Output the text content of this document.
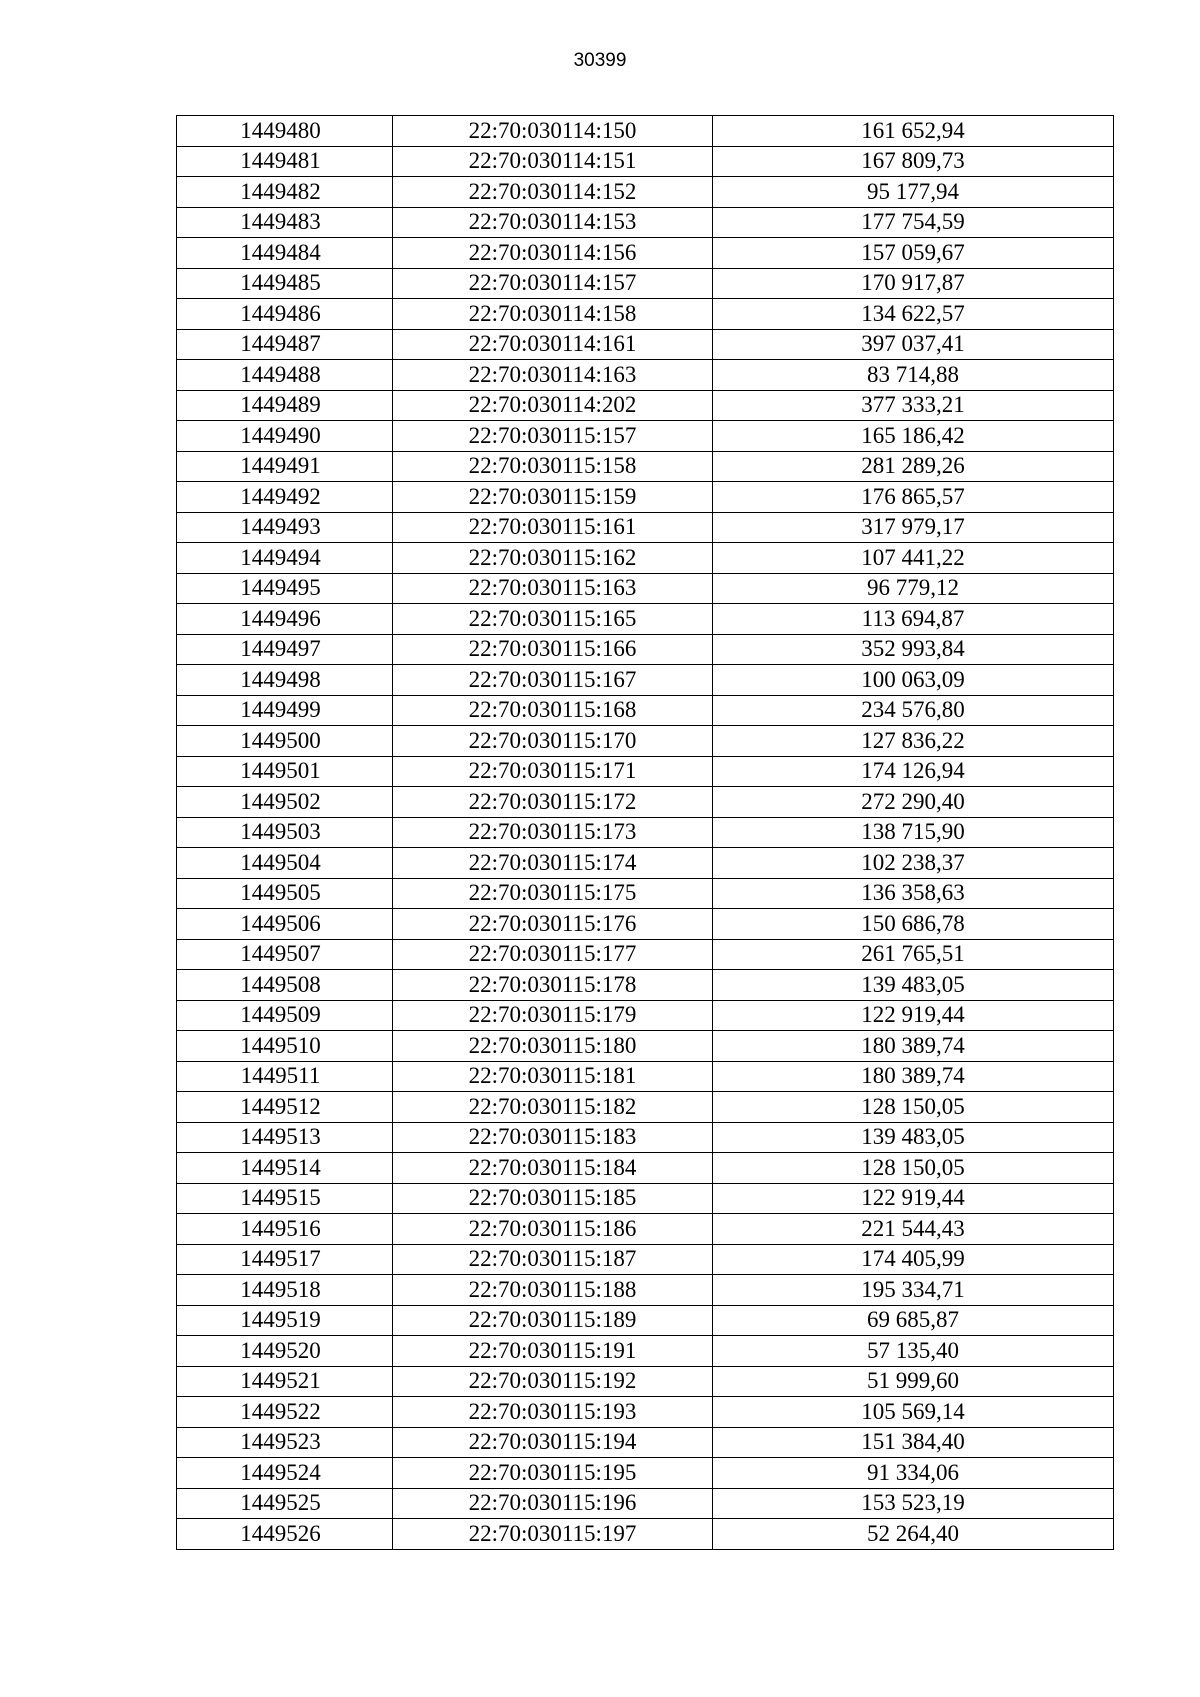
30399
1449480	22:70:030114:150	161 652,94
1449481	22:70:030114:151	167 809,73
1449482	22:70:030114:152	95 177,94
1449483	22:70:030114:153	177 754,59
1449484	22:70:030114:156	157 059,67
1449485	22:70:030114:157	170 917,87
1449486	22:70:030114:158	134 622,57
1449487	22:70:030114:161	397 037,41
1449488	22:70:030114:163	83 714,88
1449489	22:70:030114:202	377 333,21
1449490	22:70:030115:157	165 186,42
1449491	22:70:030115:158	281 289,26
1449492	22:70:030115:159	176 865,57
1449493	22:70:030115:161	317 979,17
1449494	22:70:030115:162	107 441,22
1449495	22:70:030115:163	96 779,12
1449496	22:70:030115:165	113 694,87
1449497	22:70:030115:166	352 993,84
1449498	22:70:030115:167	100 063,09
1449499	22:70:030115:168	234 576,80
1449500	22:70:030115:170	127 836,22
1449501	22:70:030115:171	174 126,94
1449502	22:70:030115:172	272 290,40
1449503	22:70:030115:173	138 715,90
1449504	22:70:030115:174	102 238,37
1449505	22:70:030115:175	136 358,63
1449506	22:70:030115:176	150 686,78
1449507	22:70:030115:177	261 765,51
1449508	22:70:030115:178	139 483,05
1449509	22:70:030115:179	122 919,44
1449510	22:70:030115:180	180 389,74
1449511	22:70:030115:181	180 389,74
1449512	22:70:030115:182	128 150,05
1449513	22:70:030115:183	139 483,05
1449514	22:70:030115:184	128 150,05
1449515	22:70:030115:185	122 919,44
1449516	22:70:030115:186	221 544,43
1449517	22:70:030115:187	174 405,99
1449518	22:70:030115:188	195 334,71
1449519	22:70:030115:189	69 685,87
1449520	22:70:030115:191	57 135,40
1449521	22:70:030115:192	51 999,60
1449522	22:70:030115:193	105 569,14
1449523	22:70:030115:194	151 384,40
1449524	22:70:030115:195	91 334,06
1449525	22:70:030115:196	153 523,19
1449526	22:70:030115:197	52 264,40
